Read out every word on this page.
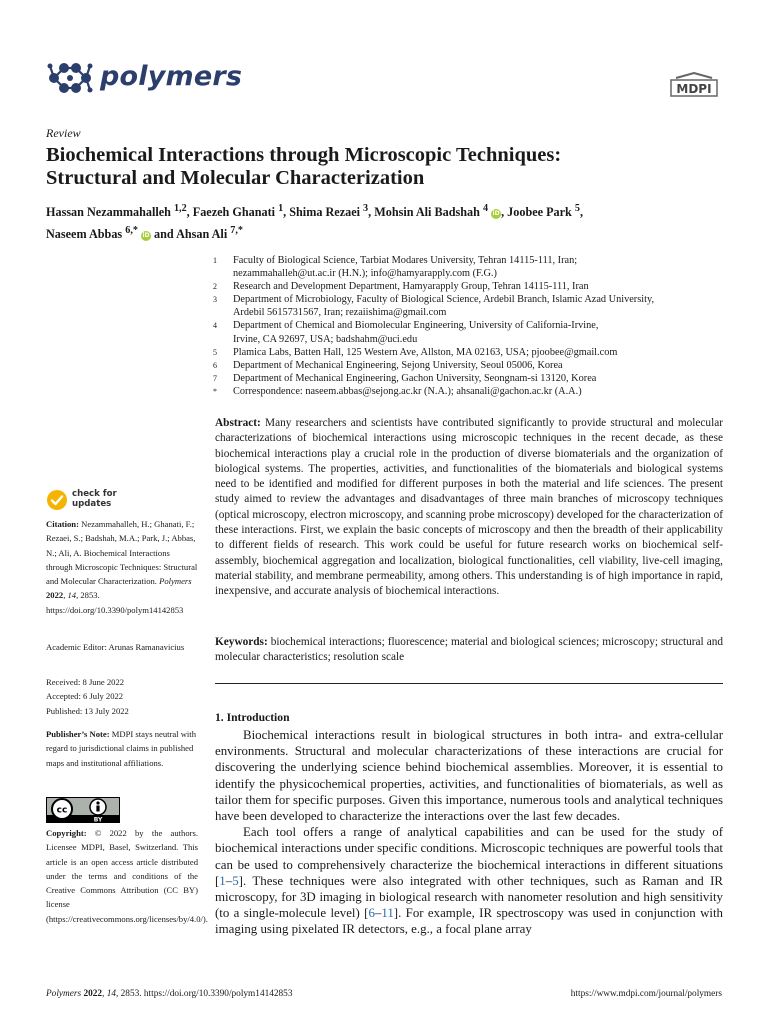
polymers	MDPI
Review
Biochemical Interactions through Microscopic Techniques:
Structural and Molecular Characterization
Hassan Nezammahalleh $^{1,2}$, Faezeh Ghanati $^1$, Shima Rezaei $^3$, Mohsin Ali Badshah $^4$ iD, Joobee Park $^5$,
Naseem Abbas $^{6,*}$ iD and Ahsan Ali $^{7,*}$
1	Faculty of Biological Science, Tarbiat Modares University, Tehran 14115-111, Iran;
nezammahalleh@ut.ac.ir (H.N.); info@hamyarapply.com (F.G.)
2	Research and Development Department, Hamyarapply Group, Tehran 14115-111, Iran
3	Department of Microbiology, Faculty of Biological Science, Ardebil Branch, Islamic Azad University,
Ardebil 5615731567, Iran; rezaiishima@gmail.com
4	Department of Chemical and Biomolecular Engineering, University of California-Irvine,
Irvine, CA 92697, USA; badshahm@uci.edu
5	Plamica Labs, Batten Hall, 125 Western Ave, Allston, MA 02163, USA; pjoobee@gmail.com
6	Department of Mechanical Engineering, Sejong University, Seoul 05006, Korea
7	Department of Mechanical Engineering, Gachon University, Seongnam-si 13120, Korea
*	Correspondence: naseem.abbas@sejong.ac.kr (N.A.); ahsanali@gachon.ac.kr (A.A.)
Abstract: Many researchers and scientists have contributed significantly to provide structural and molecular characterizations of biochemical interactions using microscopic techniques in the recent decade, as these biochemical interactions play a crucial role in the production of diverse biomaterials and the organization of biological systems. The properties, activities, and functionalities of the biomaterials and biological systems need to be identified and modified for different purposes in both the material and life sciences. The present study aimed to review the advantages and disadvantages of three main branches of microscopy techniques (optical microscopy, electron microscopy, and scanning probe microscopy) developed for the characterization of these interactions. First, we explain the basic concepts of microscopy and then the breadth of their applicability to different fields of research. This work could be useful for future research works on biochemical self-assembly, biochemical aggregation and localization, biological functionalities, cell viability, live-cell imaging, material stability, and membrane permeability, among others. This understanding is of high importance in rapid, inexpensive, and accurate analysis of biochemical interactions.
Keywords: biochemical interactions; fluorescence; material and biological sciences; microscopy; structural and molecular characteristics; resolution scale
1. Introduction

Biochemical interactions result in biological structures in both intra- and extra-cellular environments. Structural and molecular characterizations of these interactions are crucial for discovering the underlying science behind biochemical assemblies. Moreover, it is essential to identify the physicochemical properties, activities, and functionalities of biomaterials, as well as tailor them for specific purposes. Given this importance, numerous tools and analytical techniques have been developed to characterize the interactions over the last few decades.

Each tool offers a range of analytical capabilities and can be used for the study of biochemical interactions under specific conditions. Microscopic techniques are powerful tools that can be used to comprehensively characterize the biochemical interactions in different situations [1–5]. These techniques were also integrated with other techniques, such as Raman and IR microscopy, for 3D imaging in biological research with nanometer resolution and high sensitivity (to a single-molecule level) [6–11]. For example, IR spectroscopy was used in conjunction with imaging using pixelated IR detectors, e.g., a focal plane array

check for
updates
Citation: Nezammahalleh, H.; Ghanati, F.; Rezaei, S.; Badshah, M.A.; Park, J.; Abbas, N.; Ali, A. Biochemical Interactions through Microscopic Techniques: Structural and Molecular Characterization. Polymers 2022, 14, 2853. https://doi.org/10.3390/polym14142853
Academic Editor: Arunas Ramanavicius
Received: 8 June 2022
Accepted: 6 July 2022
Published: 13 July 2022
Publisher’s Note: MDPI stays neutral with regard to jurisdictional claims in published maps and institutional affiliations.
cc
BY
Copyright: © 2022 by the authors. Licensee MDPI, Basel, Switzerland. This article is an open access article distributed under the terms and conditions of the Creative Commons Attribution (CC BY) license (https://creativecommons.org/licenses/by/4.0/).
Polymers 2022, 14, 2853. https://doi.org/10.3390/polym14142853	https://www.mdpi.com/journal/polymers
